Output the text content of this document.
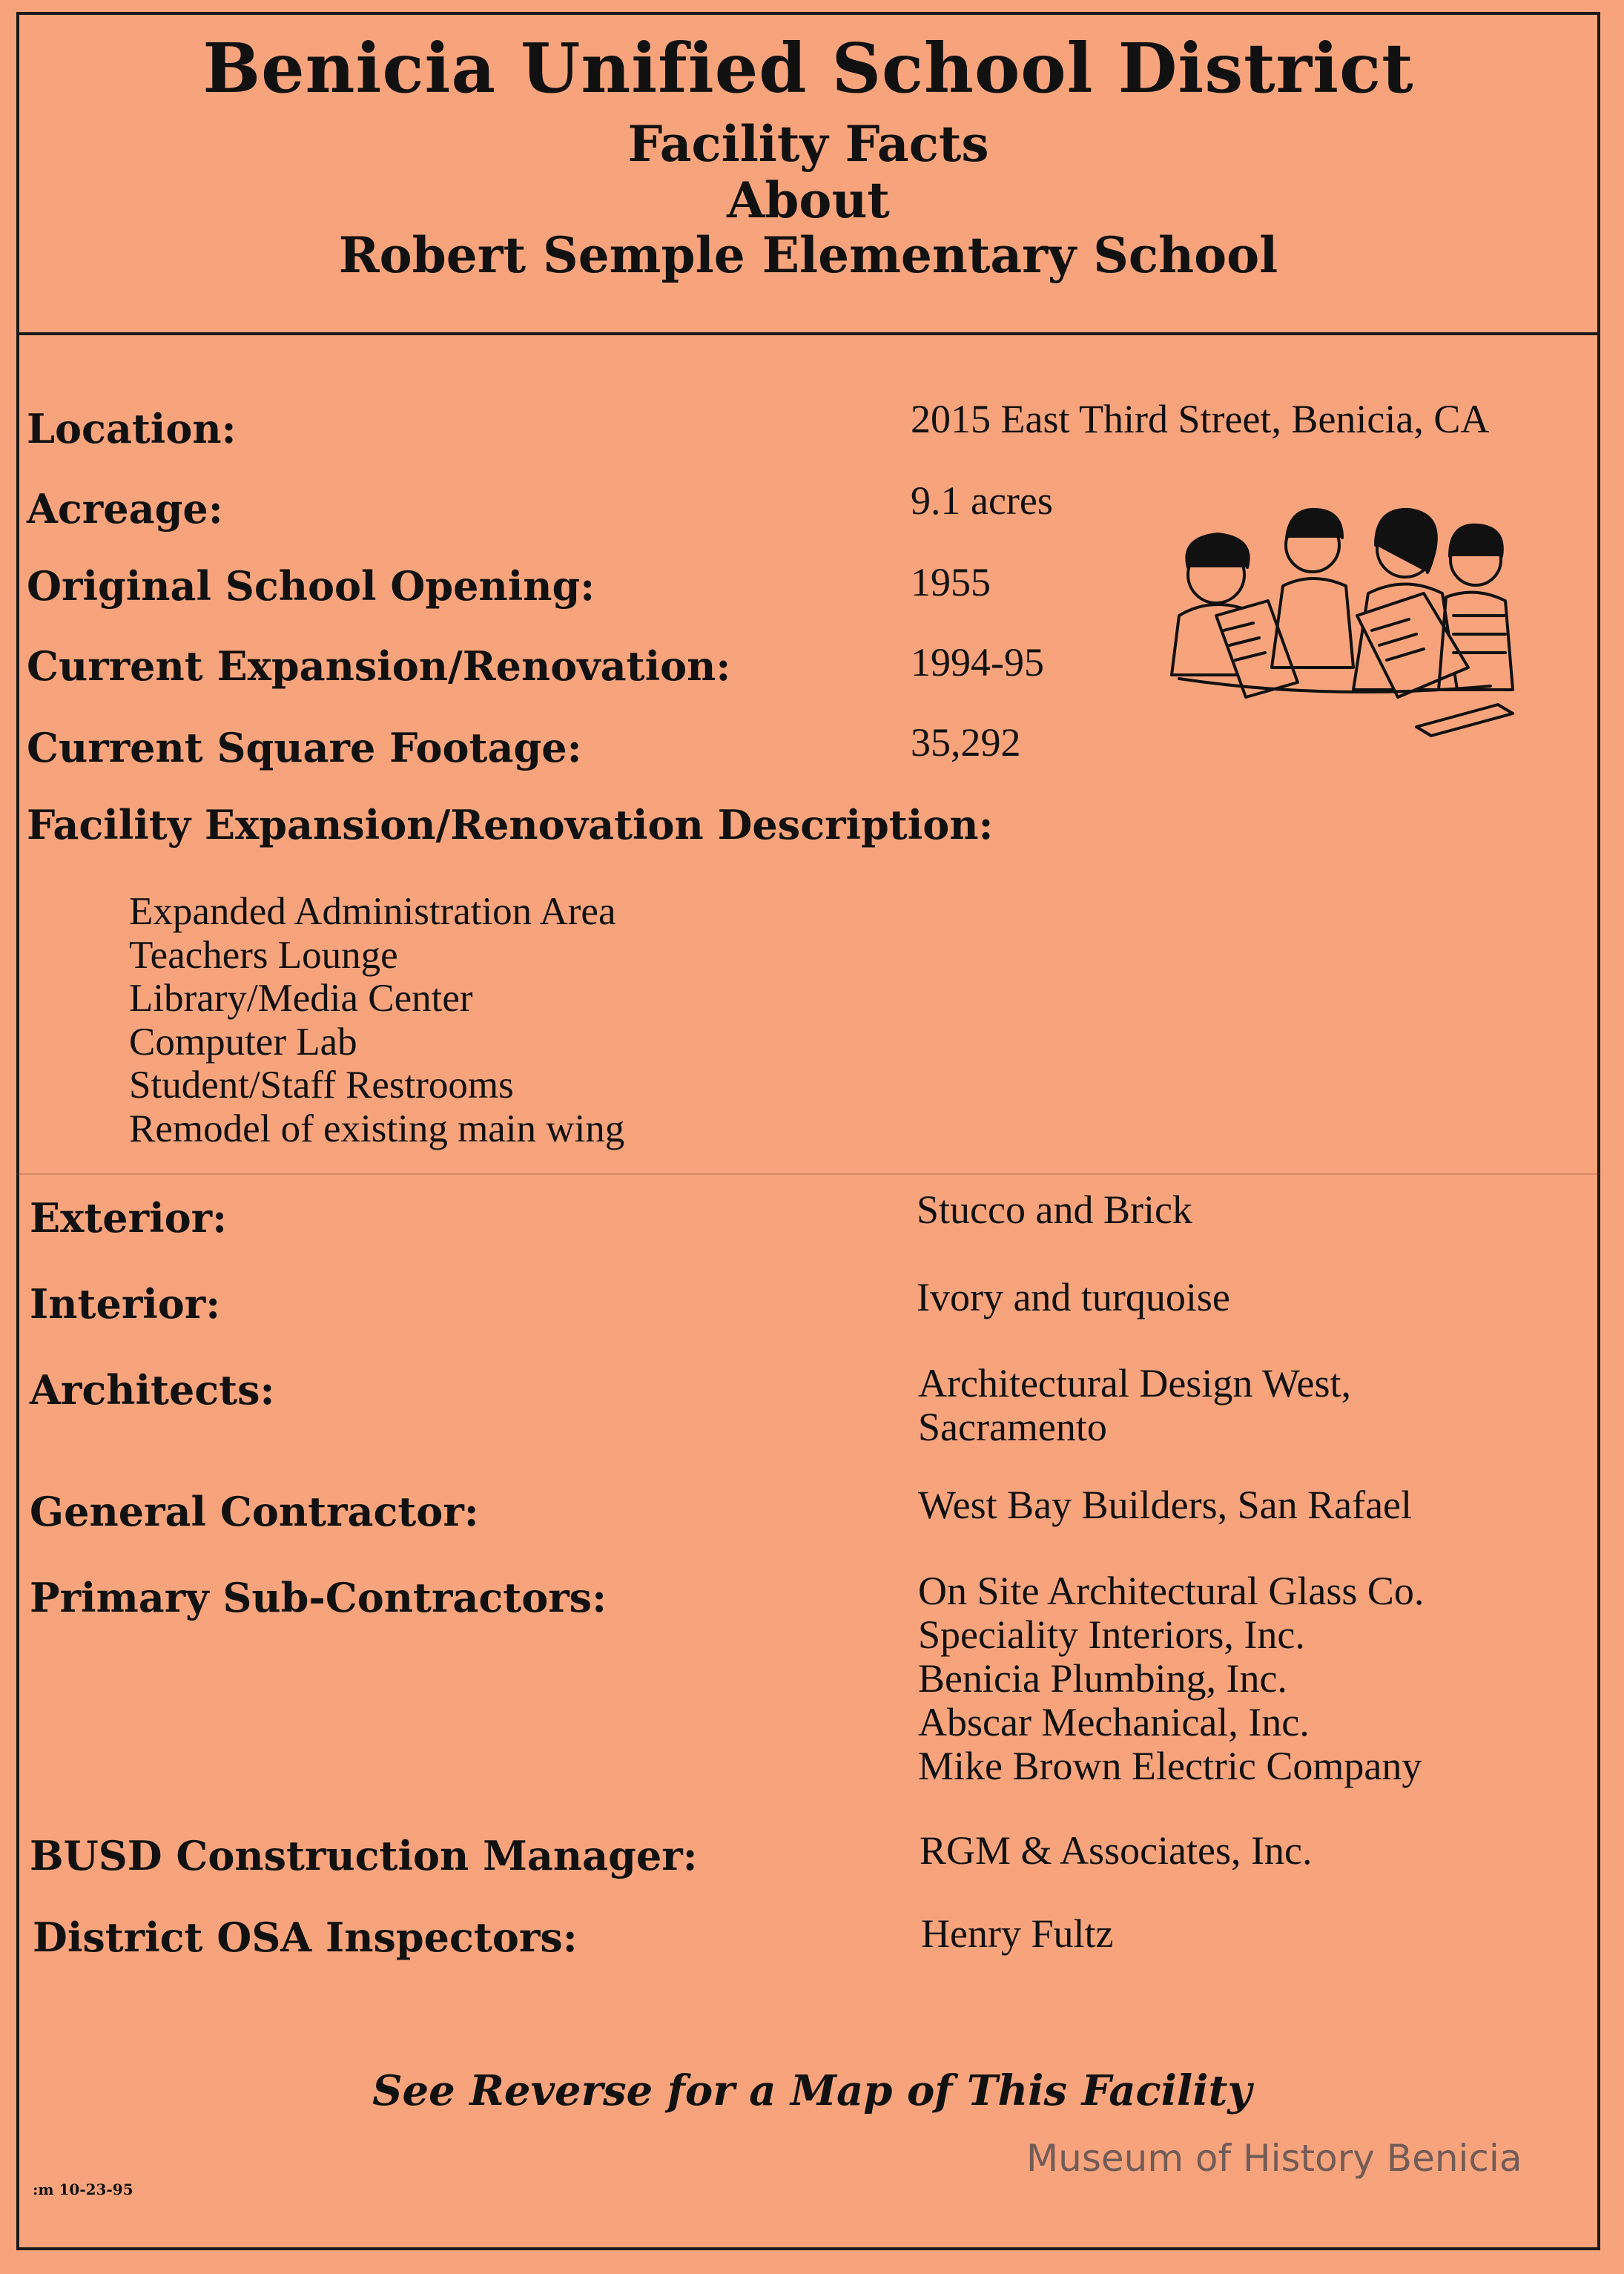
Benicia Unified School District
Facility Facts
About
Robert Semple Elementary School
Location:	2015 East Third Street, Benicia, CA
Acreage:	9.1 acres
Original School Opening:	1955
Current Expansion/Renovation:	1994-95
Current Square Footage:	35,292
Facility Expansion/Renovation Description:
Expanded Administration Area
Teachers Lounge
Library/Media Center
Computer Lab
Student/Staff Restrooms
Remodel of existing main wing
Exterior:	Stucco and Brick
Interior:	Ivory and turquoise
Architects:	Architectural Design West,
Sacramento
General Contractor:	West Bay Builders, San Rafael
Primary Sub-Contractors:	On Site Architectural Glass Co.
Speciality Interiors, Inc.
Benicia Plumbing, Inc.
Abscar Mechanical, Inc.
Mike Brown Electric Company
BUSD Construction Manager:	RGM & Associates, Inc.
District OSA Inspectors:	Henry Fultz
See Reverse for a Map of This Facility
:m 10-23-95
Museum of History Benicia
